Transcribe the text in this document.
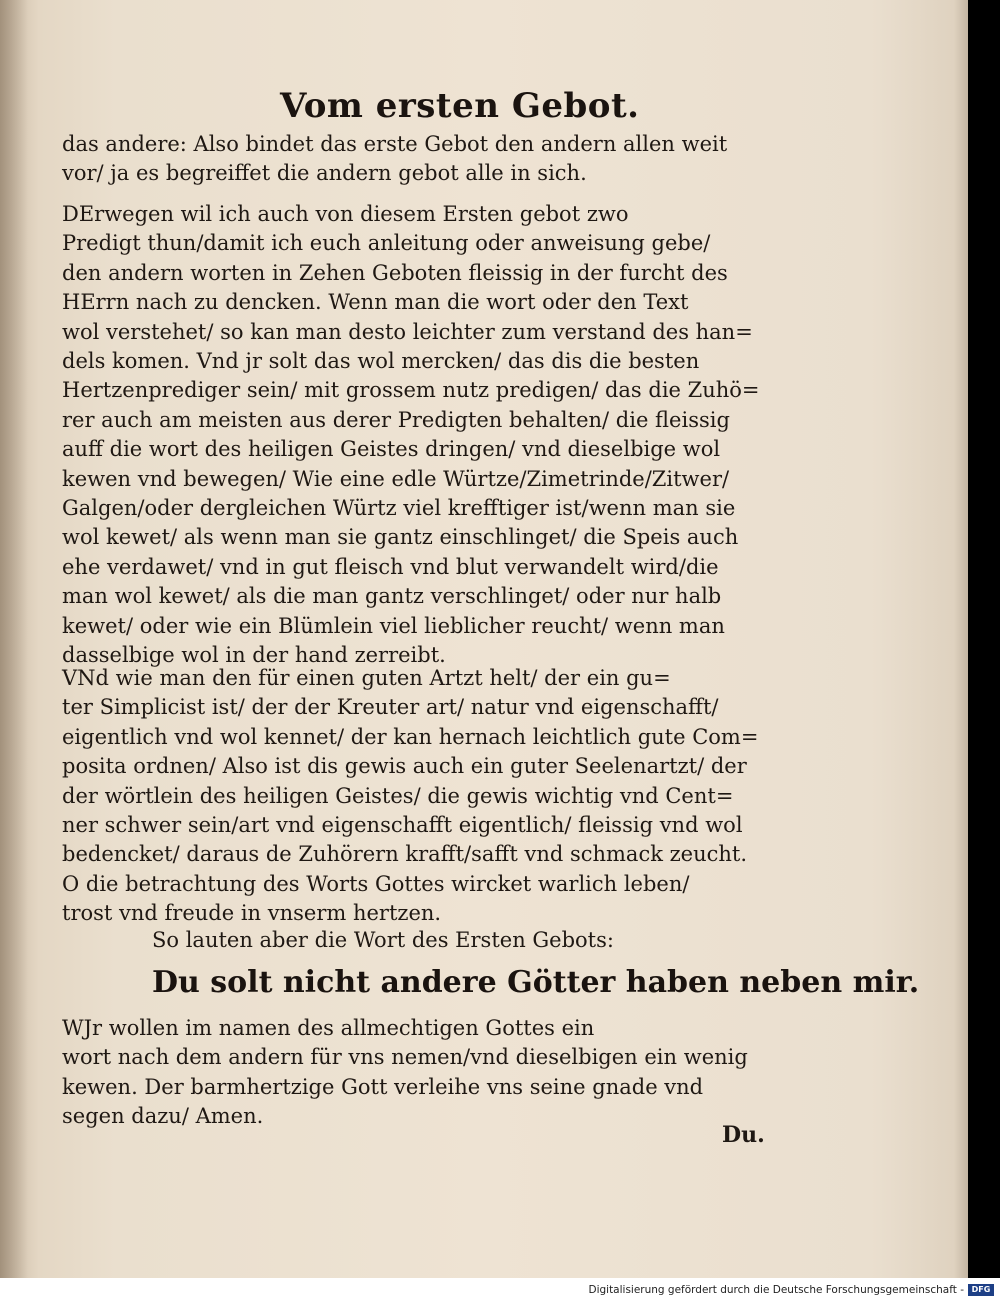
Vom ersten Gebot.
das andere: Also bindet das erste Gebot den andern allen weit
vor/ ja es begreiffet die andern gebot alle in sich.
DErwegen wil ich auch von diesem Ersten gebot zwo
Predigt thun/damit ich euch anleitung oder anweisung gebe/
den andern worten in Zehen Geboten fleissig in der furcht des
HErrn nach zu dencken. Wenn man die wort oder den Text
wol verstehet/ so kan man desto leichter zum verstand des han=
dels komen. Vnd jr solt das wol mercken/ das dis die besten
Hertzenprediger sein/ mit grossem nutz predigen/ das die Zuhö=
rer auch am meisten aus derer Predigten behalten/ die fleissig
auff die wort des heiligen Geistes dringen/ vnd dieselbige wol
kewen vnd bewegen/ Wie eine edle Würtze/Zimetrinde/Zitwer/
Galgen/oder dergleichen Würtz viel krefftiger ist/wenn man sie
wol kewet/ als wenn man sie gantz einschlinget/ die Speis auch
ehe verdawet/ vnd in gut fleisch vnd blut verwandelt wird/die
man wol kewet/ als die man gantz verschlinget/ oder nur halb
kewet/ oder wie ein Blümlein viel lieblicher reucht/ wenn man
dasselbige wol in der hand zerreibt.
VNd wie man den für einen guten Artzt helt/ der ein gu=
ter Simplicist ist/ der der Kreuter art/ natur vnd eigenschafft/
eigentlich vnd wol kennet/ der kan hernach leichtlich gute Com=
posita ordnen/ Also ist dis gewis auch ein guter Seelenartzt/ der
der wörtlein des heiligen Geistes/ die gewis wichtig vnd Cent=
ner schwer sein/art vnd eigenschafft eigentlich/ fleissig vnd wol
bedencket/ daraus de Zuhörern krafft/safft vnd schmack zeucht.
O die betrachtung des Worts Gottes wircket warlich leben/
trost vnd freude in vnserm hertzen.
So lauten aber die Wort des Ersten Gebots:
Du solt nicht andere Götter haben neben mir.
WJr wollen im namen des allmechtigen Gottes ein
wort nach dem andern für vns nemen/vnd dieselbigen ein wenig
kewen. Der barmhertzige Gott verleihe vns seine gnade vnd
segen dazu/ Amen.
Du.
Digitalisierung gefördert durch die Deutsche Forschungsgemeinschaft - DFG
